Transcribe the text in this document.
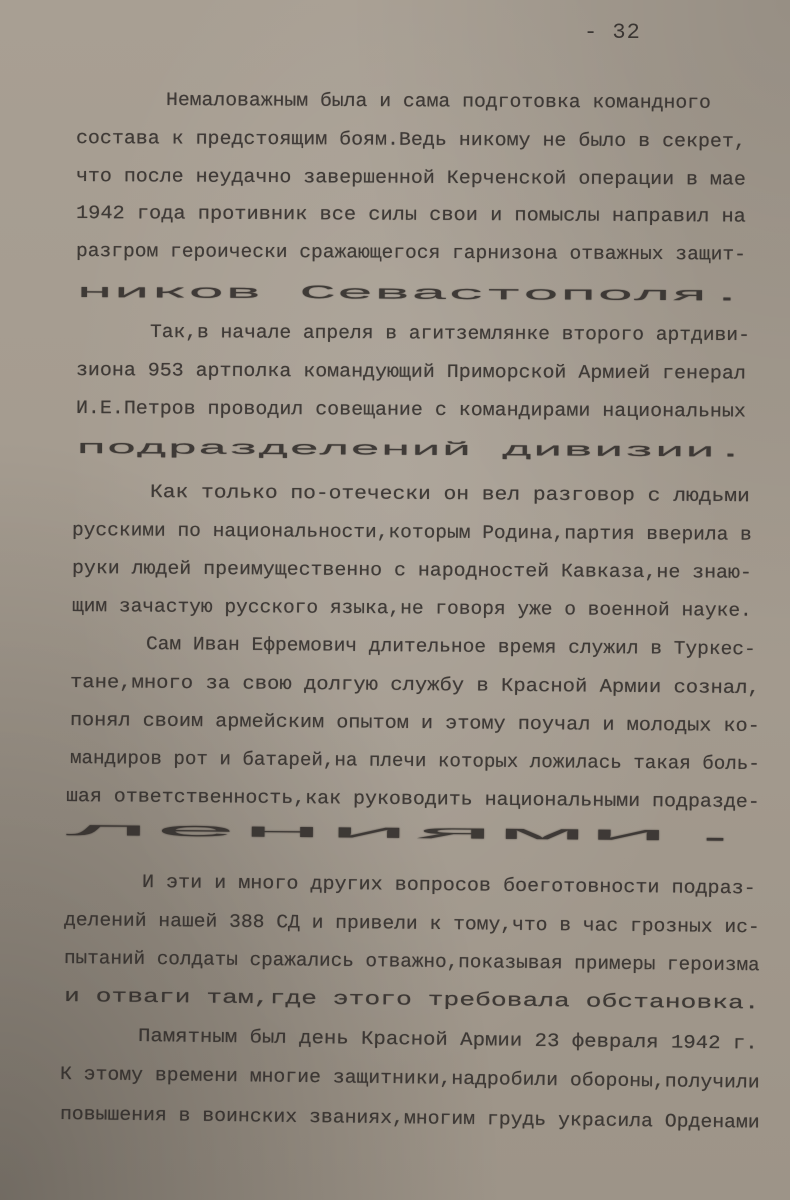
- 32
Немаловажным была и сама подготовка командного
состава к предстоящим боям.Ведь никому не было в секрет,
что после неудачно завершенной Керченской операции в мае
1942 года противник все силы свои и помыслы направил на
разгром героически сражающегося гарнизона отважных защит-
ников Севастополя.
Так,в начале апреля в агитземлянке второго артдиви-
зиона 953 артполка командующий Приморской Армией генерал
И.Е.Петров проводил совещание с командирами национальных
подразделений дивизии.
Как только по-отечески он вел разговор с людьми
русскими по национальности,которым Родина,партия вверила в
руки людей преимущественно с народностей Кавказа,не знаю-
щим зачастую русского языка,не говоря уже о военной науке.
Сам Иван Ефремович длительное время служил в Туркес-
тане,много за свою долгую службу в Красной Армии сознал,
понял своим армейским опытом и этому поучал и молодых ко-
мандиров рот и батарей,на плечи которых ложилась такая боль-
шая ответственность,как руководить национальными подразде-
лениями.
И эти и много других вопросов боеготовности подраз-
делений нашей 388 СД и привели к тому,что в час грозных ис-
пытаний солдаты сражались отважно,показывая примеры героизма
и отваги там,где этого требовала обстановка.
Памятным был день Красной Армии 23 февраля 1942 г.
К этому времени многие защитники,надробили обороны,получили
повышения в воинских званиях,многим грудь украсила Орденами
